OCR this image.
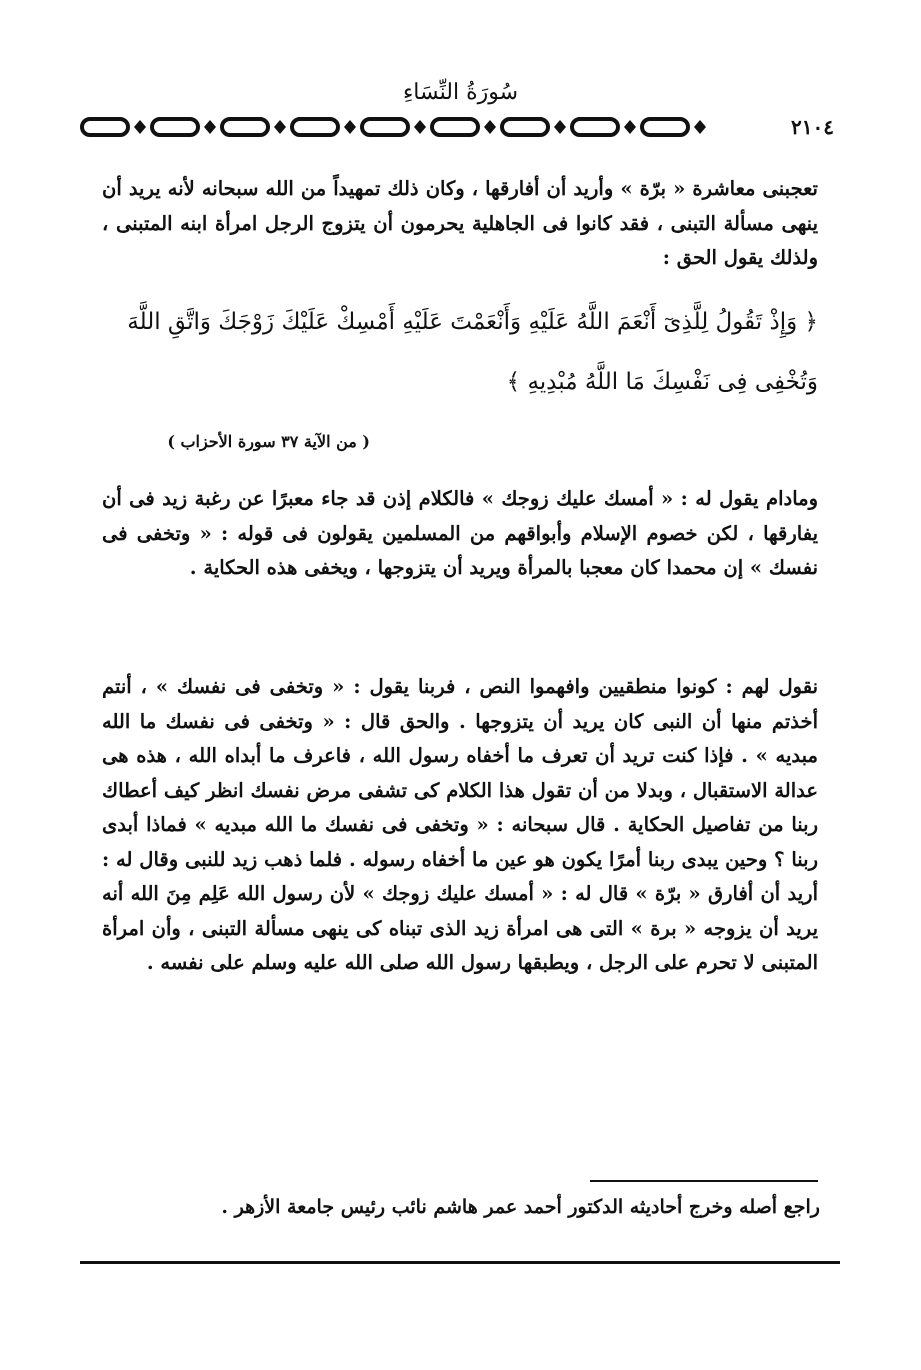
سُورَةُ النِّسَاءِ
٢١٠٤
تعجبنى معاشرة « برّة » وأريد أن أفارقها ، وكان ذلك تمهيداً من الله سبحانه لأنه يريد أن ينهى مسألة التبنى ، فقد كانوا فى الجاهلية يحرمون أن يتزوج الرجل امرأة ابنه المتبنى ، ولذلك يقول الحق :
﴿ وَإِذْ تَقُولُ لِلَّذِىٓ أَنْعَمَ اللَّهُ عَلَيْهِ وَأَنْعَمْتَ عَلَيْهِ أَمْسِكْ عَلَيْكَ زَوْجَكَ وَاتَّقِ اللَّهَ
وَتُخْفِى فِى نَفْسِكَ مَا اللَّهُ مُبْدِيهِ ﴾
( من الآية ٣٧ سورة الأحزاب )
ومادام يقول له : « أمسك عليك زوجك » فالكلام إذن قد جاء معبرًا عن رغبة زيد فى أن يفارقها ، لكن خصوم الإسلام وأبواقهم من المسلمين يقولون فى قوله : « وتخفى فى نفسك » إن محمدا كان معجبا بالمرأة ويريد أن يتزوجها ، ويخفى هذه الحكاية .
نقول لهم : كونوا منطقيين وافهموا النص ، فربنا يقول : « وتخفى فى نفسك » ، أنتم أخذتم منها أن النبى كان يريد أن يتزوجها . والحق قال : « وتخفى فى نفسك ما الله مبديه » . فإذا كنت تريد أن تعرف ما أخفاه رسول الله ، فاعرف ما أبداه الله ، هذه هى عدالة الاستقبال ، وبدلا من أن تقول هذا الكلام كى تشفى مرض نفسك انظر كيف أعطاك ربنا من تفاصيل الحكاية . قال سبحانه : « وتخفى فى نفسك ما الله مبديه » فماذا أبدى ربنا ؟ وحين يبدى ربنا أمرًا يكون هو عين ما أخفاه رسوله . فلما ذهب زيد للنبى وقال له : أريد أن أفارق « برّة » قال له : « أمسك عليك زوجك » لأن رسول الله عَلِم مِنَ الله أنه يريد أن يزوجه « برة » التى هى امرأة زيد الذى تبناه كى ينهى مسألة التبنى ، وأن امرأة المتبنى لا تحرم على الرجل ، ويطبقها رسول الله صلى الله عليه وسلم على نفسه .
راجع أصله وخرج أحاديثه الدكتور أحمد عمر هاشم نائب رئيس جامعة الأزهر .
